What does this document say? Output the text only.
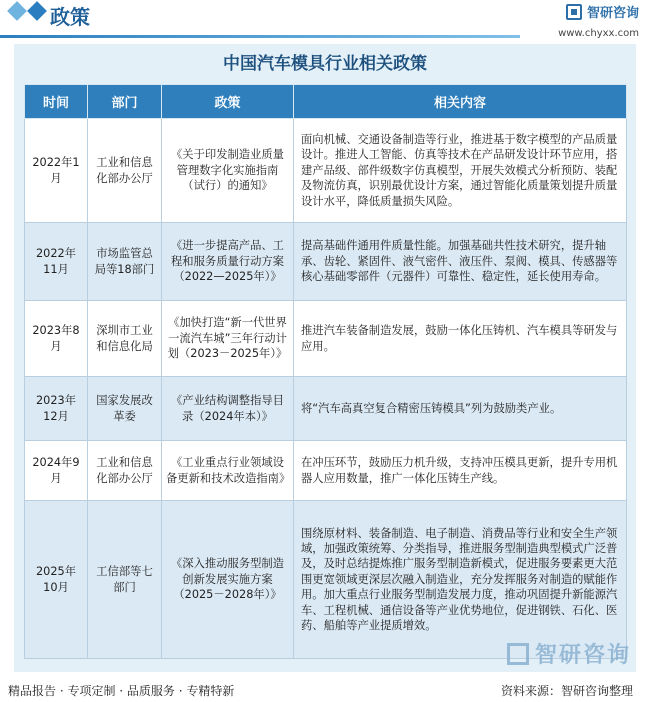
政策	智研咨询
www.chyxx.com
中国汽车模具行业相关政策
时间	部门	政策	相关内容
2022年1月	工业和信息化部办公厅	《关于印发制造业质量管理数字化实施指南（试行）的通知》	面向机械、交通设备制造等行业，推进基于数字模型的产品质量设计。推进人工智能、仿真等技术在产品研发设计环节应用，搭建产品级、部件级数字仿真模型，开展失效模式分析预防、装配及物流仿真，识别最优设计方案，通过智能化质量策划提升质量设计水平，降低质量损失风险。
2022年11月	市场监管总局等18部门	《进一步提高产品、工程和服务质量行动方案（2022—2025年）》	提高基础件通用件质量性能。加强基础共性技术研究，提升轴承、齿轮、紧固件、液气密件、液压件、泵阀、模具、传感器等核心基础零部件（元器件）可靠性、稳定性，延长使用寿命。
2023年8月	深圳市工业和信息化局	《加快打造“新一代世界一流汽车城”三年行动计划（2023－2025年）》	推进汽车装备制造发展，鼓励一体化压铸机、汽车模具等研发与应用。
2023年12月	国家发展改革委	《产业结构调整指导目录（2024年本）》	将“汽车高真空复合精密压铸模具”列为鼓励类产业。
2024年9月	工业和信息化部办公厅	《工业重点行业领域设备更新和技术改造指南》	在冲压环节，鼓励压力机升级，支持冲压模具更新，提升专用机器人应用数量，推广一体化压铸生产线。
2025年10月	工信部等七部门	《深入推动服务型制造创新发展实施方案（2025－2028年）》	围绕原材料、装备制造、电子制造、消费品等行业和安全生产领域，加强政策统筹、分类指导，推进服务型制造典型模式广泛普及，及时总结提炼推广服务型制造新模式，促进服务要素更大范围更宽领域更深层次融入制造业，充分发挥服务对制造的赋能作用。加大重点行业服务型制造发展力度，推动巩固提升新能源汽车、工程机械、通信设备等产业优势地位，促进钢铁、石化、医药、船舶等产业提质增效。
智研咨询
精品报告 · 专项定制 · 品质服务 · 专精特新	资料来源：智研咨询整理
